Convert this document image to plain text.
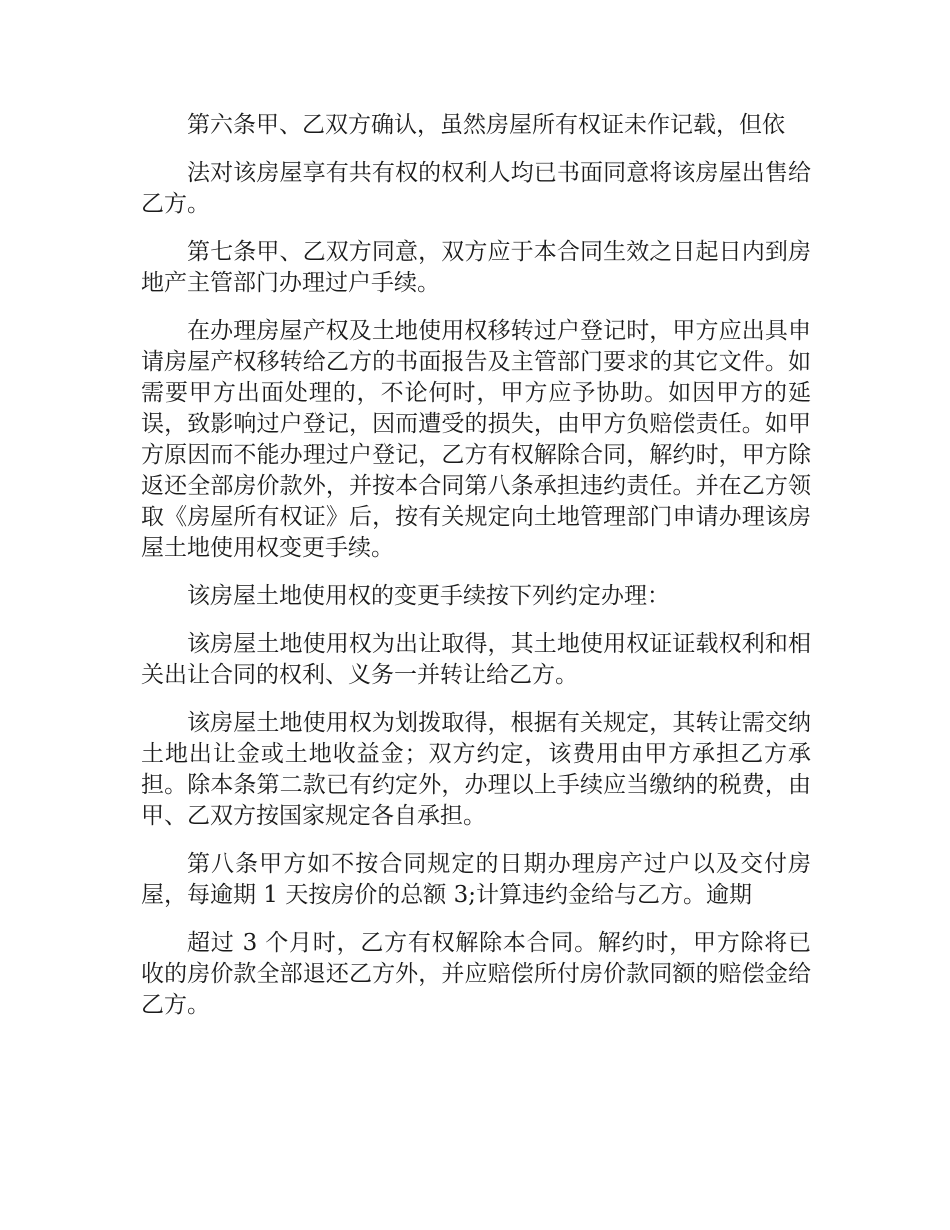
第六条甲、乙双方确认，虽然房屋所有权证未作记载，但依

法对该房屋享有共有权的权利人均已书面同意将该房屋出售给乙方。

第七条甲、乙双方同意，双方应于本合同生效之日起日内到房地产主管部门办理过户手续。

在办理房屋产权及土地使用权移转过户登记时，甲方应出具申请房屋产权移转给乙方的书面报告及主管部门要求的其它文件。如需要甲方出面处理的，不论何时，甲方应予协助。如因甲方的延误，致影响过户登记，因而遭受的损失，由甲方负赔偿责任。如甲方原因而不能办理过户登记，乙方有权解除合同，解约时，甲方除返还全部房价款外，并按本合同第八条承担违约责任。并在乙方领取《房屋所有权证》后，按有关规定向土地管理部门申请办理该房屋土地使用权变更手续。

该房屋土地使用权的变更手续按下列约定办理：

该房屋土地使用权为出让取得，其土地使用权证证载权利和相关出让合同的权利、义务一并转让给乙方。

该房屋土地使用权为划拨取得，根据有关规定，其转让需交纳土地出让金或土地收益金；双方约定，该费用由甲方承担乙方承担。除本条第二款已有约定外，办理以上手续应当缴纳的税费，由甲、乙双方按国家规定各自承担。

第八条甲方如不按合同规定的日期办理房产过户以及交付房屋，每逾期 1 天按房价的总额 3;计算违约金给与乙方。逾期

超过 3 个月时，乙方有权解除本合同。解约时，甲方除将已收的房价款全部退还乙方外，并应赔偿所付房价款同额的赔偿金给乙方。
